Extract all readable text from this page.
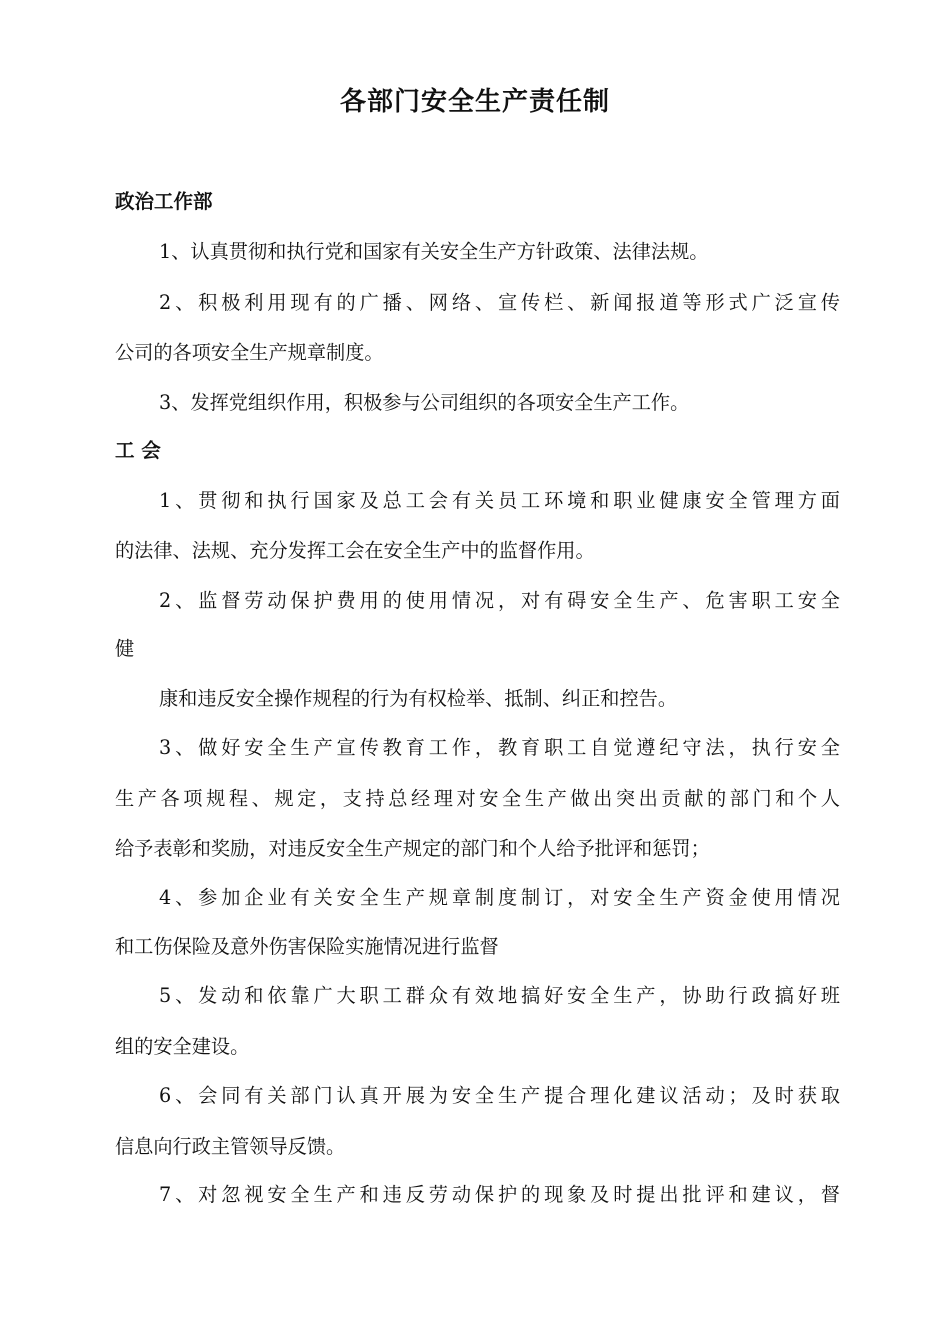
各部门安全生产责任制
政治工作部
1、认真贯彻和执行党和国家有关安全生产方针政策、法律法规。
2、积极利用现有的广播、网络、宣传栏、新闻报道等形式广泛宣传
公司的各项安全生产规章制度。
3、发挥党组织作用，积极参与公司组织的各项安全生产工作。
工 会
1、贯彻和执行国家及总工会有关员工环境和职业健康安全管理方面
的法律、法规、充分发挥工会在安全生产中的监督作用。
2、监督劳动保护费用的使用情况，对有碍安全生产、危害职工安全
健
康和违反安全操作规程的行为有权检举、抵制、纠正和控告。
3、做好安全生产宣传教育工作，教育职工自觉遵纪守法，执行安全
生产各项规程、规定，支持总经理对安全生产做出突出贡献的部门和个人
给予表彰和奖励，对违反安全生产规定的部门和个人给予批评和惩罚；
4、参加企业有关安全生产规章制度制订，对安全生产资金使用情况
和工伤保险及意外伤害保险实施情况进行监督
5、发动和依靠广大职工群众有效地搞好安全生产，协助行政搞好班
组的安全建设。
6、会同有关部门认真开展为安全生产提合理化建议活动；及时获取
信息向行政主管领导反馈。
7、对忽视安全生产和违反劳动保护的现象及时提出批评和建议，督
